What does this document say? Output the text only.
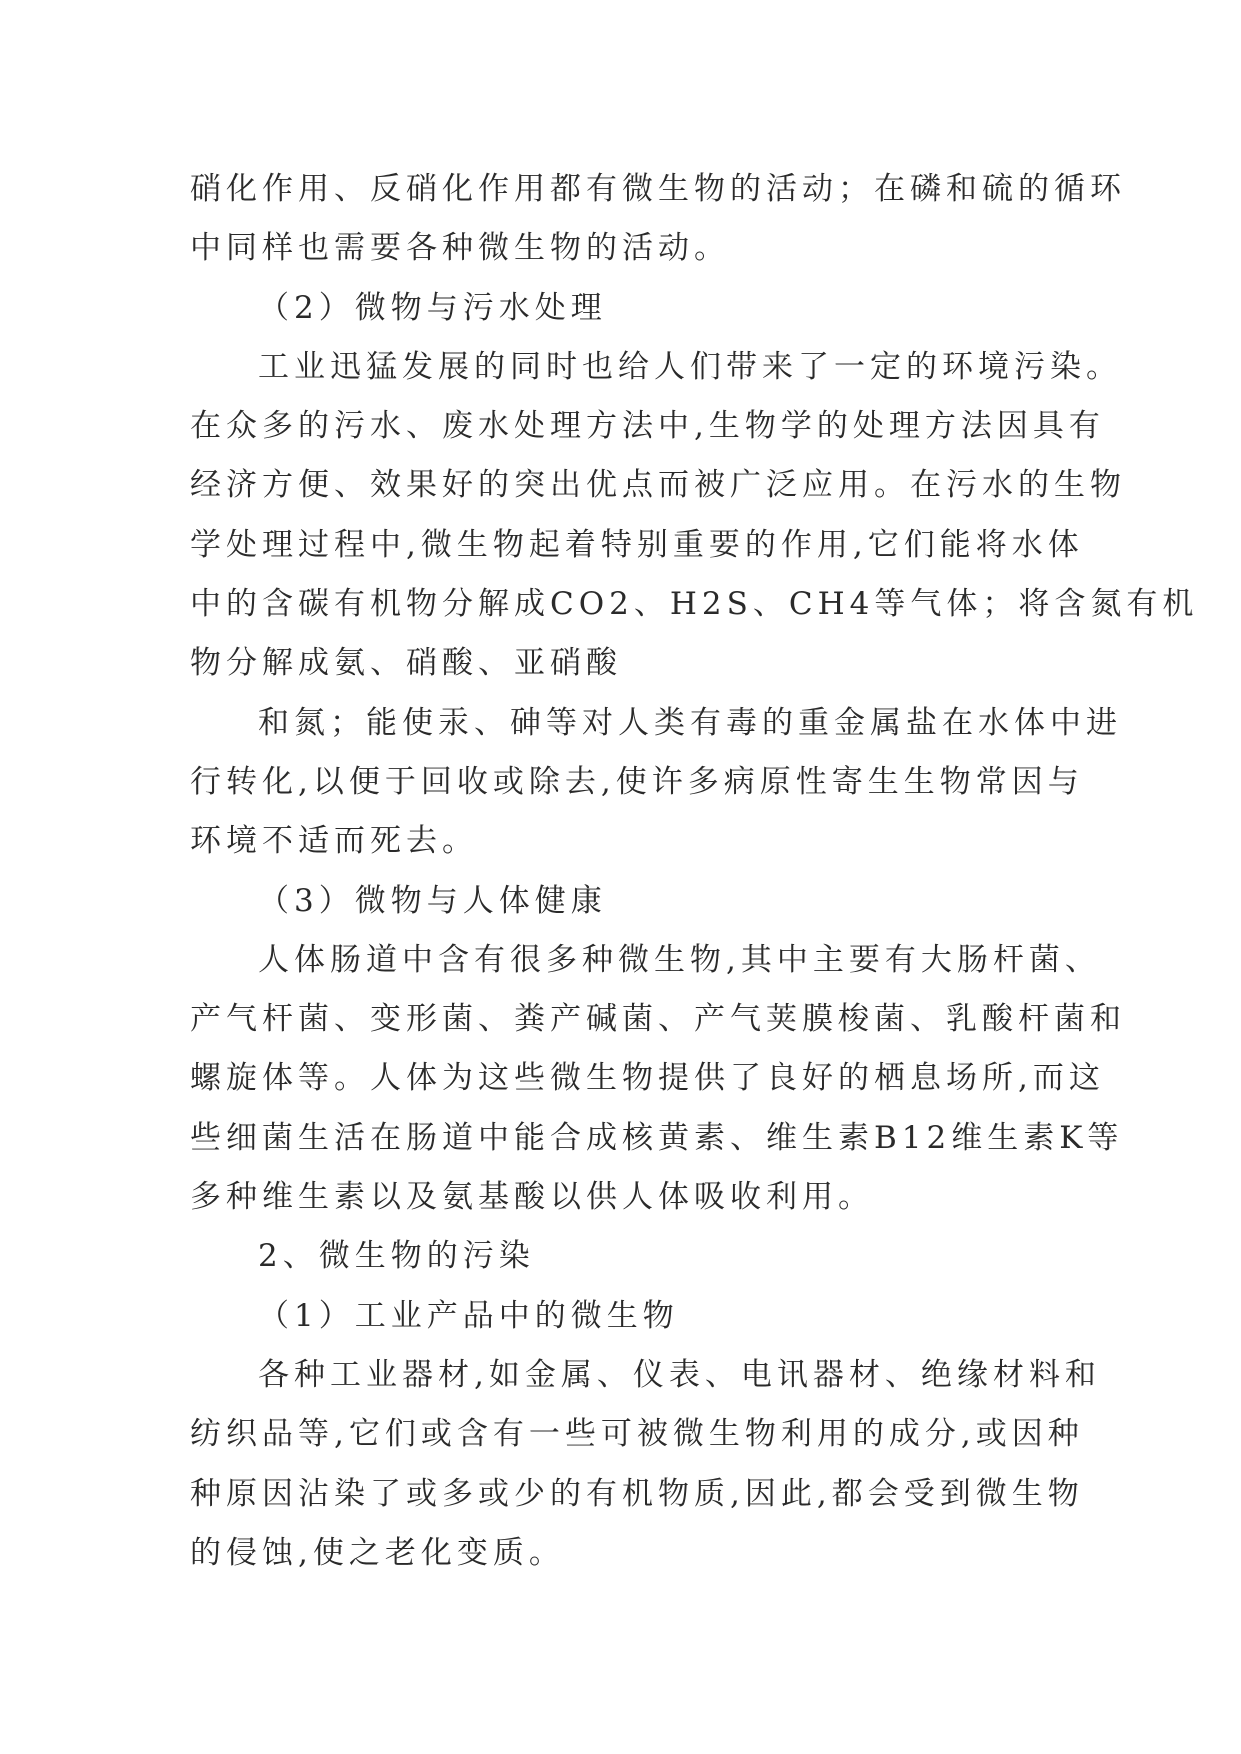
硝化作用、反硝化作用都有微生物的活动；在磷和硫的循环
中同样也需要各种微生物的活动。
（2）微物与污水处理
工业迅猛发展的同时也给人们带来了一定的环境污染。
在众多的污水、废水处理方法中,生物学的处理方法因具有
经济方便、效果好的突出优点而被广泛应用。在污水的生物
学处理过程中,微生物起着特别重要的作用,它们能将水体
中的含碳有机物分解成CO2、H2S、CH4等气体；将含氮有机
物分解成氨、硝酸、亚硝酸
和氮；能使汞、砷等对人类有毒的重金属盐在水体中进
行转化,以便于回收或除去,使许多病原性寄生生物常因与
环境不适而死去。
（3）微物与人体健康
人体肠道中含有很多种微生物,其中主要有大肠杆菌、
产气杆菌、变形菌、粪产碱菌、产气荚膜梭菌、乳酸杆菌和
螺旋体等。人体为这些微生物提供了良好的栖息场所,而这
些细菌生活在肠道中能合成核黄素、维生素B12维生素K等
多种维生素以及氨基酸以供人体吸收利用。
2、微生物的污染
（1）工业产品中的微生物
各种工业器材,如金属、仪表、电讯器材、绝缘材料和
纺织品等,它们或含有一些可被微生物利用的成分,或因种
种原因沾染了或多或少的有机物质,因此,都会受到微生物
的侵蚀,使之老化变质。
